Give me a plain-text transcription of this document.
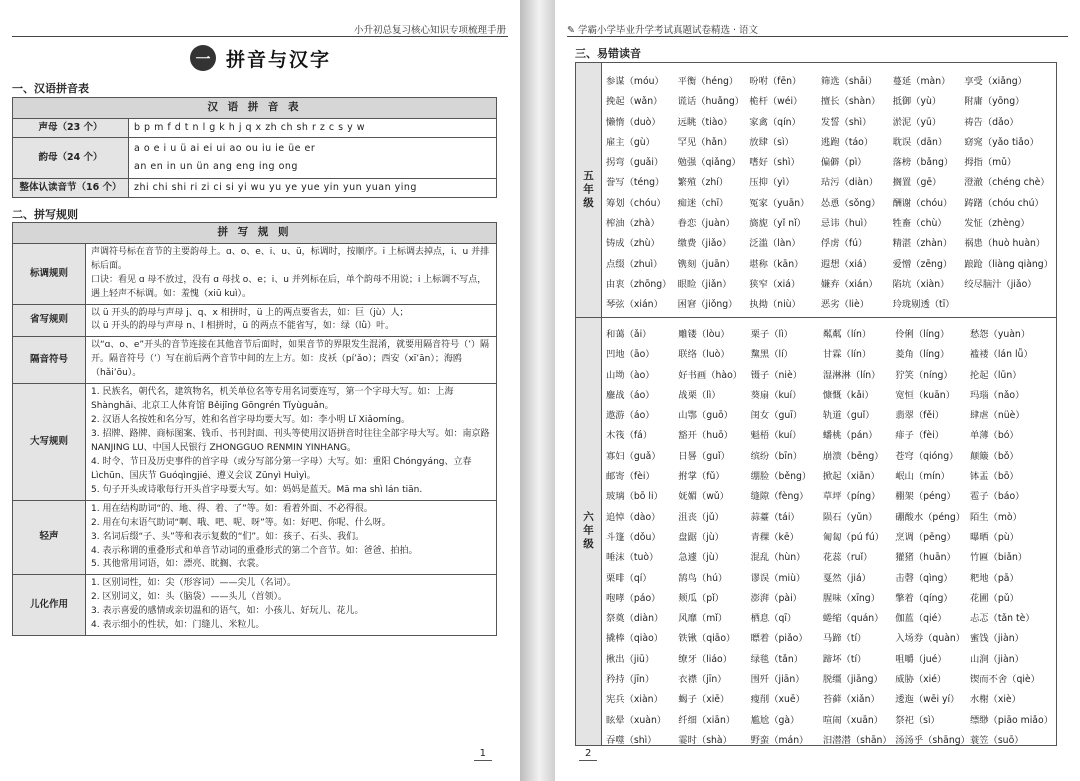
小升初总复习核心知识专项梳理手册
一 拼音与汉字
一、汉语拼音表
汉 语 拼 音 表	
声母（23 个）	b p m f d t n l g k h j q x zh ch sh r z c s y w
韵母（24 个）	a o e i u ü ai ei ui ao ou iu ie üe er
an en in un ün ang eng ing ong

整体认读音节（16 个）	zhi chi shi ri zi ci si yi wu yu ye yue yin yun yuan ying
二、拼写规则
拼 写 规 则	
标调规则	声调符号标在音节的主要韵母上。ɑ、o、e、i、u、ü，标调时，按顺序。i 上标调去掉点，i、u 并排标后面。

口诀：看见 ɑ 母不放过，没有 ɑ 母找 o、e；i、u 并列标在后，单个韵母不用说；i 上标调不写点，遇上轻声不标调。如：羞愧（xiū kuì）。

省写规则	以 ü 开头的韵母与声母 j、q、x 相拼时，ü 上的两点要省去，如：巨（jù）人；

以 ü 开头的韵母与声母 n、l 相拼时，ü 的两点不能省写，如：绿（lǜ）叶。

隔音符号	以“ɑ、o、e”开头的音节连接在其他音节后面时，如果音节的界限发生混淆，就要用隔音符号（’）隔开。隔音符号（’）写在前后两个音节中间的左上方。如：皮袄（pí’ǎo）；西安（xī’ān）；海鸥（hǎi’ōu）。

大写规则	1. 民族名，朝代名，建筑物名，机关单位名等专用名词要连写，第一个字母大写。如：上海 Shànghǎi、北京工人体育馆 Běijīng Gōngrén Tǐyùguǎn。

2. 汉语人名按姓和名分写，姓和名首字母均要大写。如：李小明 Lǐ Xiǎomíng。

3. 招牌、路牌、商标图案、钱币、书刊封面、刊头等使用汉语拼音时往往全部字母大写。如：南京路 NANJING LU、中国人民银行 ZHONGGUO RENMIN YINHANG。

4. 时令、节日及历史事件的首字母（或分写部分第一字母）大写。如：重阳 Chóngyáng、立春 Lìchūn、国庆节 Guóqìngjié、遵义会议 Zūnyì Huìyì。

5. 句子开头或诗歌每行开头首字母要大写。如：妈妈是蓝天。Mā ma shì lán tiān.

轻声	1. 用在结构助词“的、地、得、着、了”等。如：看着外面、不必得很。

2. 用在句末语气助词“啊、哦、吧、呢、呀”等。如：好吧、你呢、什么呀。

3. 名词后缀“子、头”等和表示复数的“们”。如：孩子、石头、我们。

4. 表示称谓的重叠形式和单音节动词的重叠形式的第二个音节。如：爸爸、拍拍。

5. 其他常用词语，如：漂亮、眈搁、衣裳。

儿化作用	1. 区别词性，如：尖（形容词）——尖儿（名词）。

2. 区别词义，如：头（脑袋）——头儿（首领）。

3. 表示喜爱的感情或亲切温和的语气，如：小孩儿、好玩儿、花儿。

4. 表示细小的性状，如：门缝儿、米粒儿。

1
✎ 学霸小学毕业升学考试真题试卷精选 · 语文
三、易错读音
五年级
六年级
参谋（móu）	平衡（héng）	吩咐（fēn）	筛选（shāi）	蔓延（màn）	享受（xiǎng）
挽起（wǎn）	谎话（huǎng） 桅杆（wéi）	擅长（shàn）	抵御（yù）	附庸（yōng）
懒惰（duò）	远眺（tiào）	家禽（qín）	发誓（shì）	淤泥（yū）	祷告（dǎo）
雇主（gù）	罕见（hǎn）	放肆（sì）	逃跑（táo）	耽误（dān）	窈窕（yǎo tiǎo）
拐弯（guǎi）	勉强（qiǎng） 嗜好（shì）	偏僻（pì）	落榜（bǎng）	拇指（mǔ）
誊写（téng）	繁殖（zhí）	压抑（yì）	玷污（diàn）	搁置（gē）	澄澈（chéng chè）
筹划（chóu）	痴迷（chī）	冤家（yuān）	怂恿（sǒng）	酬谢（chóu）	踌躇（chóu chú）
榨油（zhà）	眷恋（juàn）	旖旎（yǐ nǐ）	忌讳（huì）	牲畜（chù）	发怔（zhèng）
铸成（zhù）	缴费（jiǎo）	泛滥（làn）	俘虏（fú）	精湛（zhàn）	祸患（huò huàn）
点缀（zhuì）	镌刻（juān）	堪称（kān）	遐想（xiá）	爱憎（zēng）	踉跄（liàng qiàng）
由衷（zhōng） 眼睑（jiǎn）	狭窄（xiá）	嫌弃（xián）	陷坑（xiàn）	绞尽脑汁（jiǎo）
琴弦（xián）	困窘（jiǒng）	执拗（niù）	恶劣（liè）	玲珑剔透（tī）
和蔼（ǎi）	雕镂（lòu）	栗子（lì）	粼粼（lín）	伶俐（líng）	愁怨（yuàn）
凹地（āo）	联络（luò）	黧黑（lí）	甘霖（lín）	菱角（líng）	褴褛（lán lǚ）
山坳（ào）	好书画（hào） 镊子（niè）	湿淋淋（lín）	狞笑（níng）	抡起（lūn）
鏖战（áo）	战栗（lì）	葵扇（kuí）	慷慨（kǎi）	宽恒（kuān）	玛瑙（nǎo）
遨游（áo）	山鄂（guō）	闺女（guī）	轨道（guǐ）	翡翠（fěi）	肆虐（nüè）
木筏（fá）	豁开（huō）	魁梧（kuí）	蟠桃（pán）	痱子（fèi）	单薄（bó）
寡妇（guǎ）	日晷（guǐ）	缤纷（bīn）	崩溃（bēng）	苍穹（qióng）	颠簸（bǒ）
邮寄（fèi）	拊掌（fǔ）	绷脸（běng）	掀起（xiān）	岷山（mín）	钵盂（bō）
玻璃（bō li）	妩媚（wǔ）	缝隙（fèng）	草坪（píng）	棚架（péng）	雹子（báo）
追悼（dào）	沮丧（jǔ）	蒜薹（tái）	陨石（yǔn）	硼酸水（péng） 陌生（mò）
斗篷（dǒu）	盘踞（jù）	青稞（kē）	匍匐（pú fú）	烹调（pēng）	曝晒（pù）
唾沫（tuò）	急遽（jù）	混乱（hùn）	花蕊（ruǐ）	獾猪（huān）	竹匾（biǎn）
栗啡（qí）	鹄鸟（hú）	谬误（miù）	戛然（jiá）	击磬（qìng）	粑地（pā）
咆哮（páo）	颊瓜（pǐ）	澎湃（pài）	腥味（xīng）	擎着（qíng）	花圃（pǔ）
祭奠（diàn）	风靡（mǐ）	栖息（qī）	蜷缩（quán）	伽蓝（qié）	忐忑（tǎn tè）
撬棒（qiào）	铁锹（qiāo）	瞟着（piǎo）	马蹄（tí）	入场券（quàn） 蜜饯（jiàn）
揪出（jiū）	缭牙（liáo）	绿毯（tǎn）	蹄坏（tí）	咀嚼（jué）	山涧（jiàn）
矜持（jīn）	衣襟（jīn）	围歼（jiān）	脱缰（jiāng）	威胁（xié）	锲而不舍（qiè）
宪兵（xiàn）	蝎子（xiē）	瘦削（xuē）	苔藓（xiǎn）	逶迤（wēi yí）	水榭（xiè）
眩晕（xuàn）	纤细（xiān）	尴尬（gà）	喧闹（xuān）	祭祀（sì）	缥缈（piāo miǎo）
吞噬（shì）	霎时（shà）	野蛮（mán）	汨潜潜（shān） 汤汤乎（shāng） 蓑笠（suō）
2
